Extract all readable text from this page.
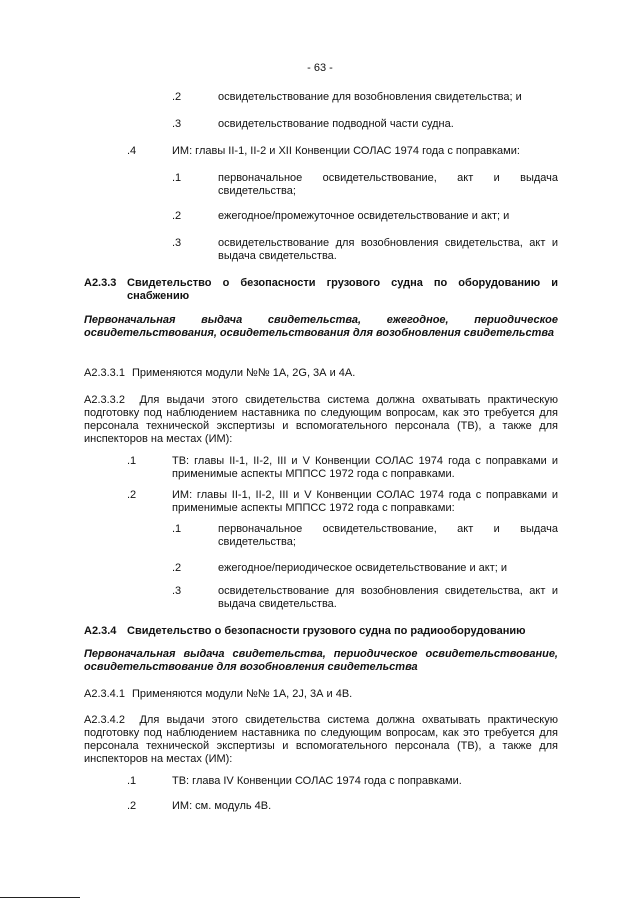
- 63 -
.2	освидетельствование для возобновления свидетельства; и
.3	освидетельствование подводной части судна.
.4	ИМ: главы II-1, II-2 и XII Конвенции СОЛАС 1974 года с поправками:
.1	первоначальное освидетельствование, акт и выдача свидетельства;
.2	ежегодное/промежуточное освидетельствование и акт; и
.3	освидетельствование для возобновления свидетельства, акт и выдача свидетельства.
A2.3.3 Свидетельство о безопасности грузового судна по оборудованию и снабжению
Первоначальная выдача свидетельства, ежегодное, периодическое освидетельствования, освидетельствования для возобновления свидетельства
A2.3.3.1 Применяются модули №№ 1А, 2G, 3А и 4А.
A2.3.3.2 Для выдачи этого свидетельства система должна охватывать практическую подготовку под наблюдением наставника по следующим вопросам, как это требуется для персонала технической экспертизы и вспомогательного персонала (ТВ), а также для инспекторов на местах (ИМ):
.1	ТВ: главы II-1, II-2, III и V Конвенции СОЛАС 1974 года с поправками и применимые аспекты МППСС 1972 года с поправками.
.2	ИМ: главы II-1, II-2, III и V Конвенции СОЛАС 1974 года с поправками и применимые аспекты МППСС 1972 года с поправками:
.1	первоначальное освидетельствование, акт и выдача свидетельства;
.2	ежегодное/периодическое освидетельствование и акт; и
.3	освидетельствование для возобновления свидетельства, акт и выдача свидетельства.
A2.3.4 Свидетельство о безопасности грузового судна по радиооборудованию
Первоначальная выдача свидетельства, периодическое освидетельствование, освидетельствование для возобновления свидетельства
A2.3.4.1 Применяются модули №№ 1А, 2J, 3А и 4В.
A2.3.4.2 Для выдачи этого свидетельства система должна охватывать практическую подготовку под наблюдением наставника по следующим вопросам, как это требуется для персонала технической экспертизы и вспомогательного персонала (ТВ), а также для инспекторов на местах (ИМ):
.1	ТВ: глава IV Конвенции СОЛАС 1974 года с поправками.
.2	ИМ: см. модуль 4В.
